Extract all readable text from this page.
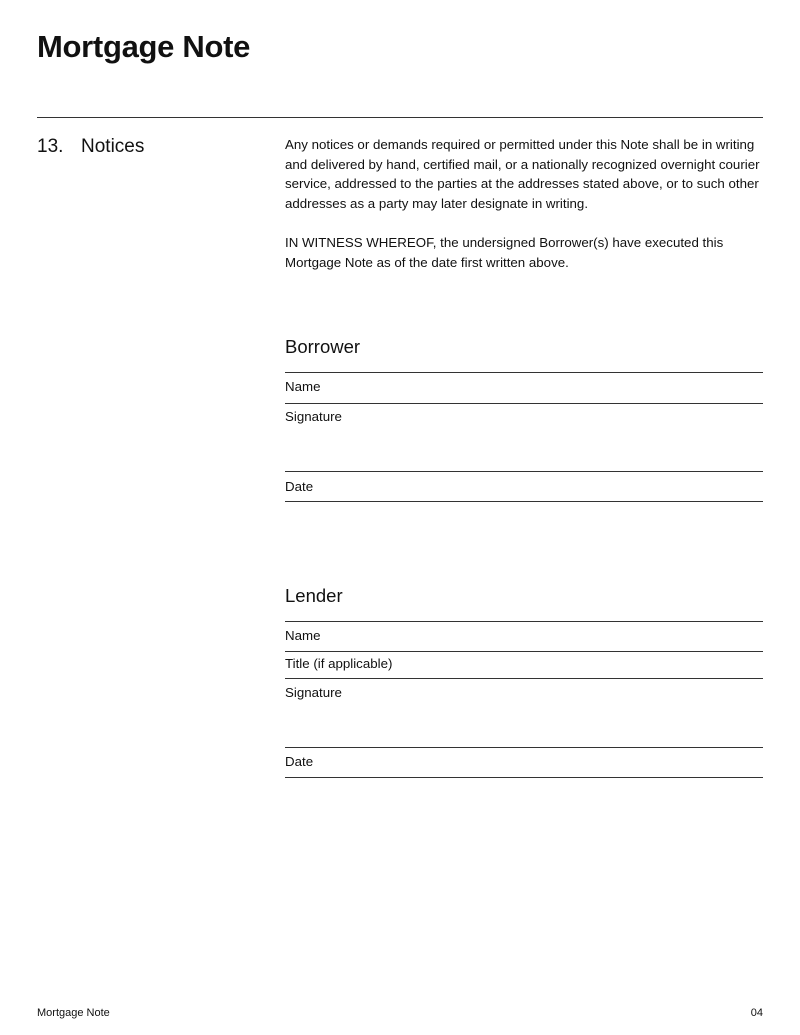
Mortgage Note
13. Notices	Any notices or demands required or permitted under this Note shall be in writing and delivered by hand, certified mail, or a nationally recognized overnight courier service, addressed to the parties at the addresses stated above, or to such other addresses as a party may later designate in writing.

IN WITNESS WHEREOF, the undersigned Borrower(s) have executed this Mortgage Note as of the date first written above.

Borrower
Name
Signature
Date
Lender
Name
Title (if applicable)
Signature
Date
Mortgage Note	04
